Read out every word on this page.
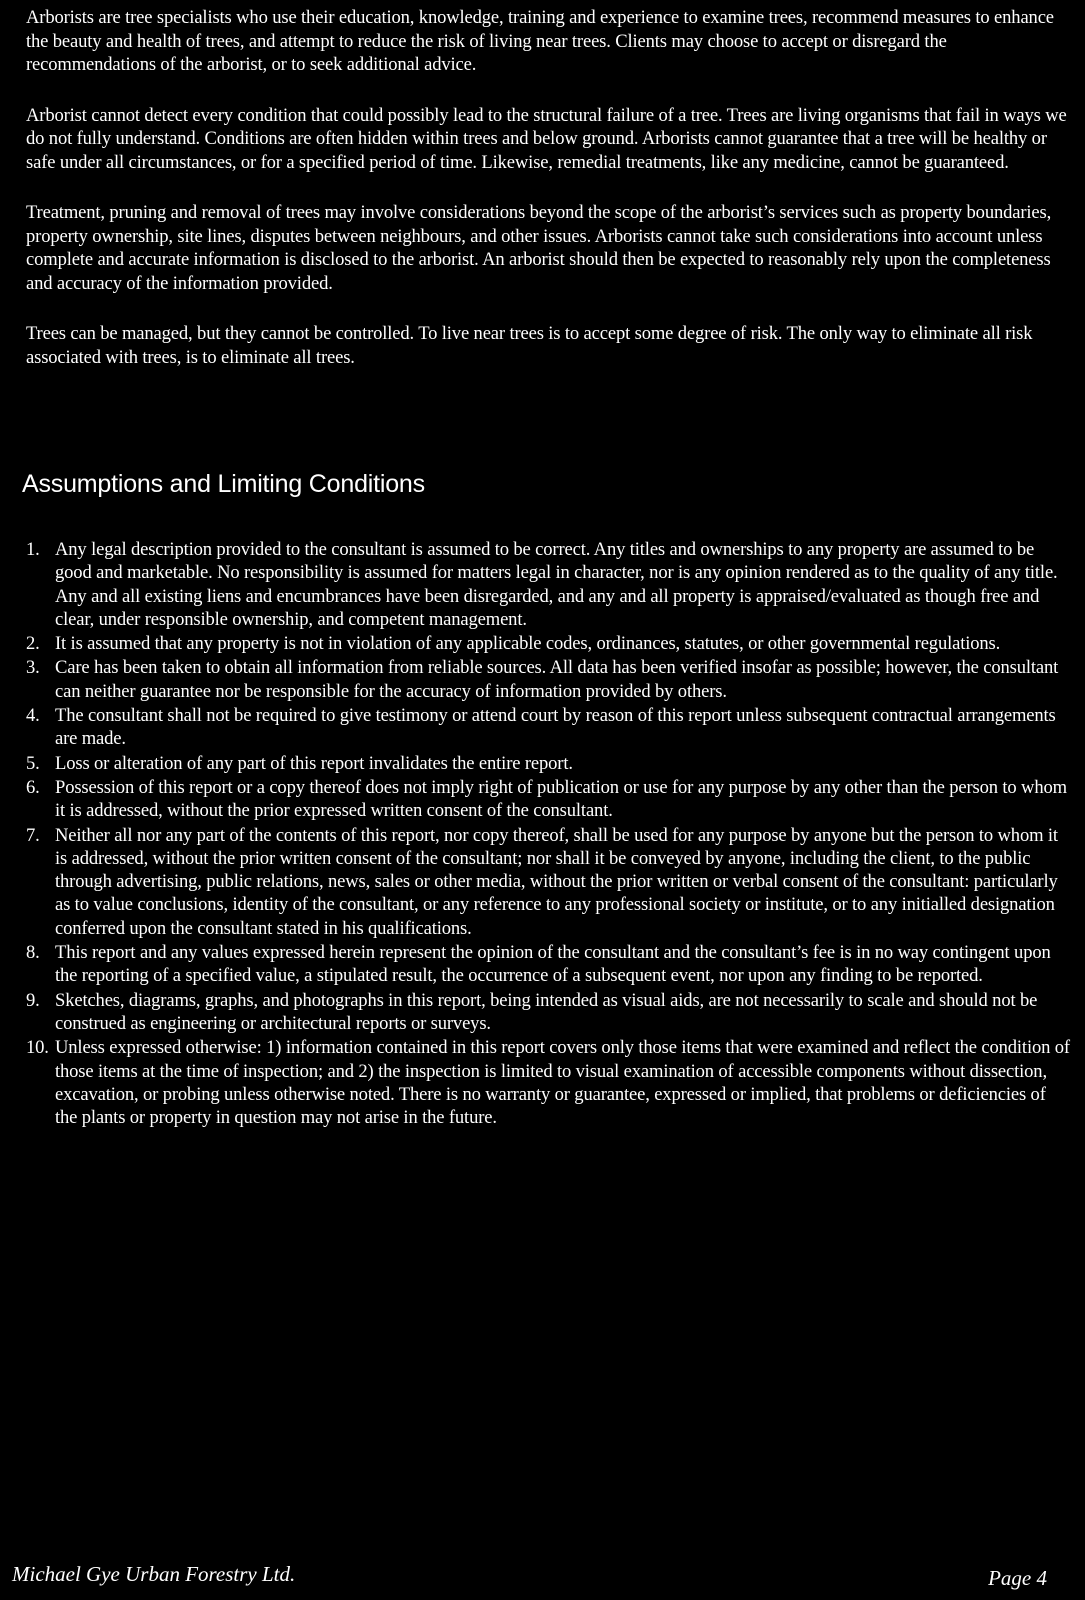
Arborists are tree specialists who use their education, knowledge, training and experience to examine trees, recommend measures to enhance the beauty and health of trees, and attempt to reduce the risk of living near trees. Clients may choose to accept or disregard the recommendations of the arborist, or to seek additional advice.

Arborist cannot detect every condition that could possibly lead to the structural failure of a tree. Trees are living organisms that fail in ways we do not fully understand. Conditions are often hidden within trees and below ground. Arborists cannot guarantee that a tree will be healthy or safe under all circumstances, or for a specified period of time. Likewise, remedial treatments, like any medicine, cannot be guaranteed.

Treatment, pruning and removal of trees may involve considerations beyond the scope of the arborist’s services such as property boundaries, property ownership, site lines, disputes between neighbours, and other issues. Arborists cannot take such considerations into account unless complete and accurate information is disclosed to the arborist. An arborist should then be expected to reasonably rely upon the completeness and accuracy of the information provided.

Trees can be managed, but they cannot be controlled. To live near trees is to accept some degree of risk. The only way to eliminate all risk associated with trees, is to eliminate all trees.

Assumptions and Limiting Conditions
1. Any legal description provided to the consultant is assumed to be correct. Any titles and ownerships to any property are assumed to be good and marketable. No responsibility is assumed for matters legal in character, nor is any opinion rendered as to the quality of any title. Any and all existing liens and encumbrances have been disregarded, and any and all property is appraised/evaluated as though free and clear, under responsible ownership, and competent management.
2. It is assumed that any property is not in violation of any applicable codes, ordinances, statutes, or other governmental regulations.
3. Care has been taken to obtain all information from reliable sources. All data has been verified insofar as possible; however, the consultant can neither guarantee nor be responsible for the accuracy of information provided by others.
4. The consultant shall not be required to give testimony or attend court by reason of this report unless subsequent contractual arrangements are made.
5. Loss or alteration of any part of this report invalidates the entire report.
6. Possession of this report or a copy thereof does not imply right of publication or use for any purpose by any other than the person to whom it is addressed, without the prior expressed written consent of the consultant.
7. Neither all nor any part of the contents of this report, nor copy thereof, shall be used for any purpose by anyone but the person to whom it is addressed, without the prior written consent of the consultant; nor shall it be conveyed by anyone, including the client, to the public through advertising, public relations, news, sales or other media, without the prior written or verbal consent of the consultant: particularly as to value conclusions, identity of the consultant, or any reference to any professional society or institute, or to any initialled designation conferred upon the consultant stated in his qualifications.
8. This report and any values expressed herein represent the opinion of the consultant and the consultant’s fee is in no way contingent upon the reporting of a specified value, a stipulated result, the occurrence of a subsequent event, nor upon any finding to be reported.
9. Sketches, diagrams, graphs, and photographs in this report, being intended as visual aids, are not necessarily to scale and should not be construed as engineering or architectural reports or surveys.
10. Unless expressed otherwise: 1) information contained in this report covers only those items that were examined and reflect the condition of those items at the time of inspection; and 2) the inspection is limited to visual examination of accessible components without dissection, excavation, or probing unless otherwise noted. There is no warranty or guarantee, expressed or implied, that problems or deficiencies of the plants or property in question may not arise in the future.
Michael Gye Urban Forestry Ltd.	Page 4
